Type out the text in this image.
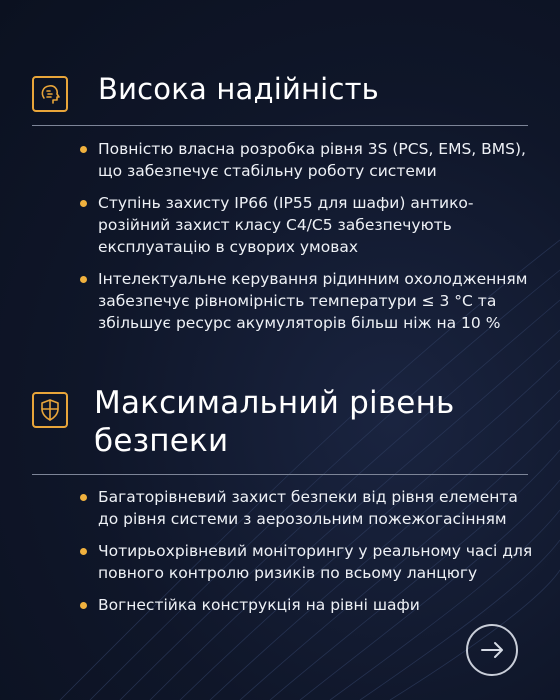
Висока надійність
Повністю власна розробка рівня 3S (PCS, EMS, BMS), що забезпечує стабільну роботу системи
Ступінь захисту IP66 (IP55 для шафи) антико-розійний захист класу C4/C5 забезпечують експлуатацію в суворих умовах
Інтелектуальне керування рідинним охолодженням забезпечує рівномірність температури ≤ 3 °C та збільшує ресурс акумуляторів більш ніж на 10 %
Максимальний рівень
безпеки
Багаторівневий захист безпеки від рівня елемента до рівня системи з аерозольним пожежогасінням
Чотирьохрівневий моніторингу у реальному часі для повного контролю ризиків по всьому ланцюгу
Вогнестійка конструкція на рівні шафи
